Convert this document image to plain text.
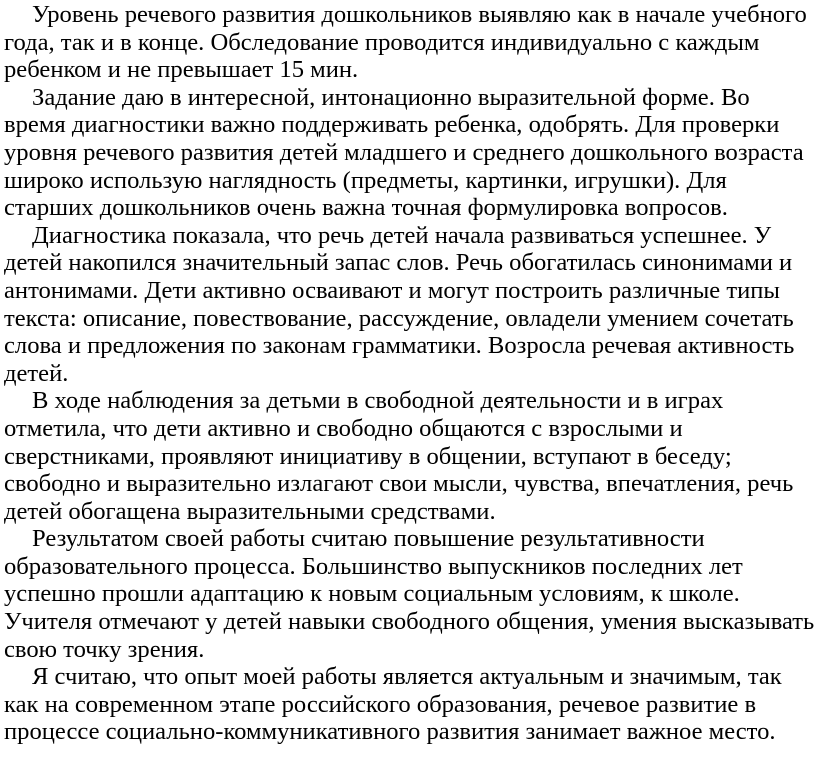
Уровень речевого развития дошкольников выявляю как в начале учебного года, так и в конце. Обследование проводится индивидуально с каждым ребенком и не превышает 15 мин.

Задание даю в интересной, интонационно выразительной форме. Во время диагностики важно поддерживать ребенка, одобрять. Для проверки уровня речевого развития детей младшего и среднего дошкольного возраста широко использую наглядность (предметы, картинки, игрушки). Для старших дошкольников очень важна точная формулировка вопросов.

Диагностика показала, что речь детей начала развиваться успешнее. У детей накопился значительный запас слов. Речь обогатилась синонимами и антонимами. Дети активно осваивают и могут построить различные типы текста: описание, повествование, рассуждение, овладели умением сочетать слова и предложения по законам грамматики. Возросла речевая активность детей.

В ходе наблюдения за детьми в свободной деятельности и в играх отметила, что дети активно и свободно общаются с взрослыми и сверстниками, проявляют инициативу в общении, вступают в беседу; свободно и выразительно излагают свои мысли, чувства, впечатления, речь детей обогащена выразительными средствами.

Результатом своей работы считаю повышение результативности образовательного процесса. Большинство выпускников последних лет успешно прошли адаптацию к новым социальным условиям, к школе. Учителя отмечают у детей навыки свободного общения, умения высказывать свою точку зрения.

Я считаю, что опыт моей работы является актуальным и значимым, так как на современном этапе российского образования, речевое развитие в процессе социально-коммуникативного развития занимает важное место.
